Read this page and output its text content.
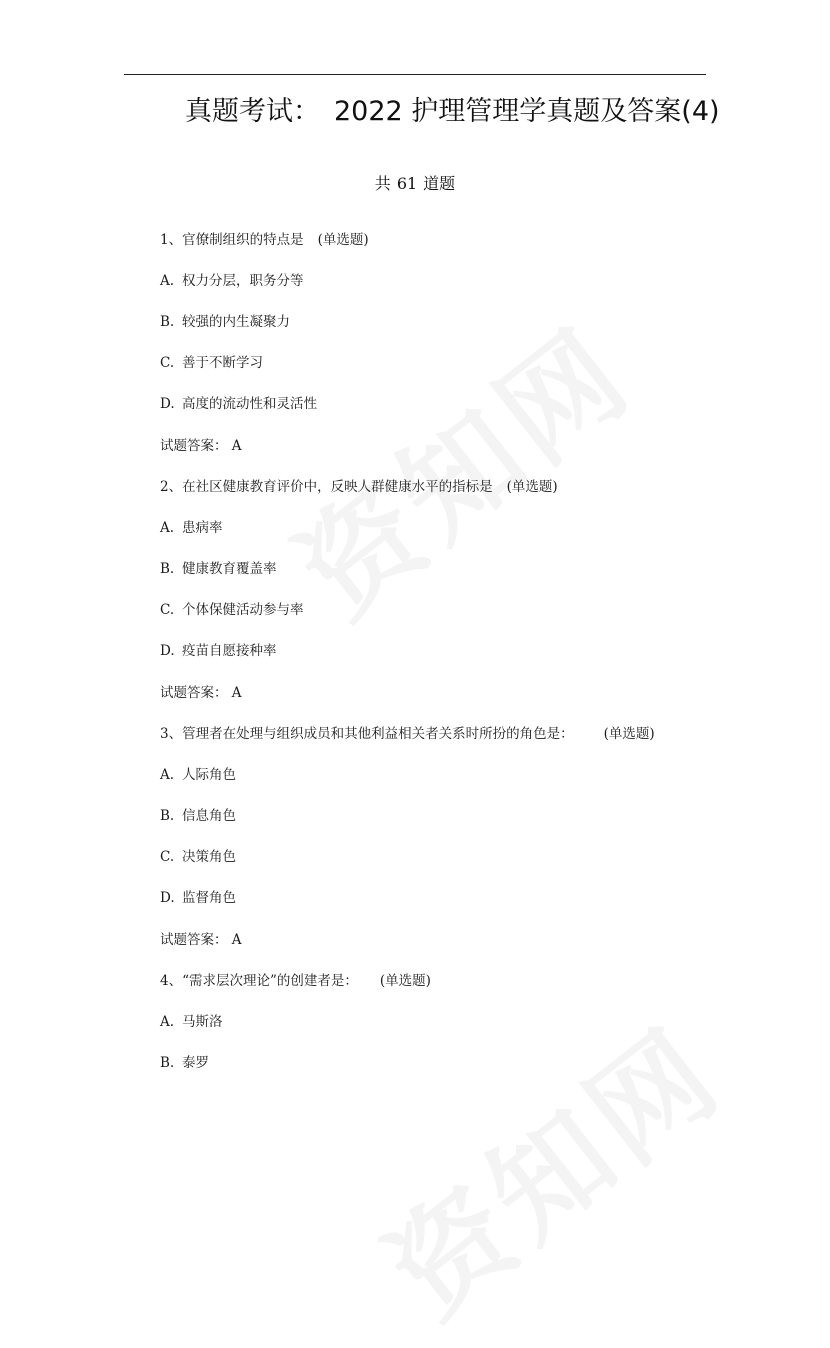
真题考试： 2022 护理管理学真题及答案(4)
共 61 道题
1、官僚制组织的特点是 (单选题)
A. 权力分层，职务分等
B. 较强的内生凝聚力
C. 善于不断学习
D. 高度的流动性和灵活性
试题答案： A
2、在社区健康教育评价中，反映人群健康水平的指标是 (单选题)
A. 患病率
B. 健康教育覆盖率
C. 个体保健活动参与率
D. 疫苗自愿接种率
试题答案： A
3、管理者在处理与组织成员和其他利益相关者关系时所扮的角色是： (单选题)
A. 人际角色
B. 信息角色
C. 决策角色
D. 监督角色
试题答案： A
4、“需求层次理论”的创建者是： (单选题)
A. 马斯洛
B. 泰罗
